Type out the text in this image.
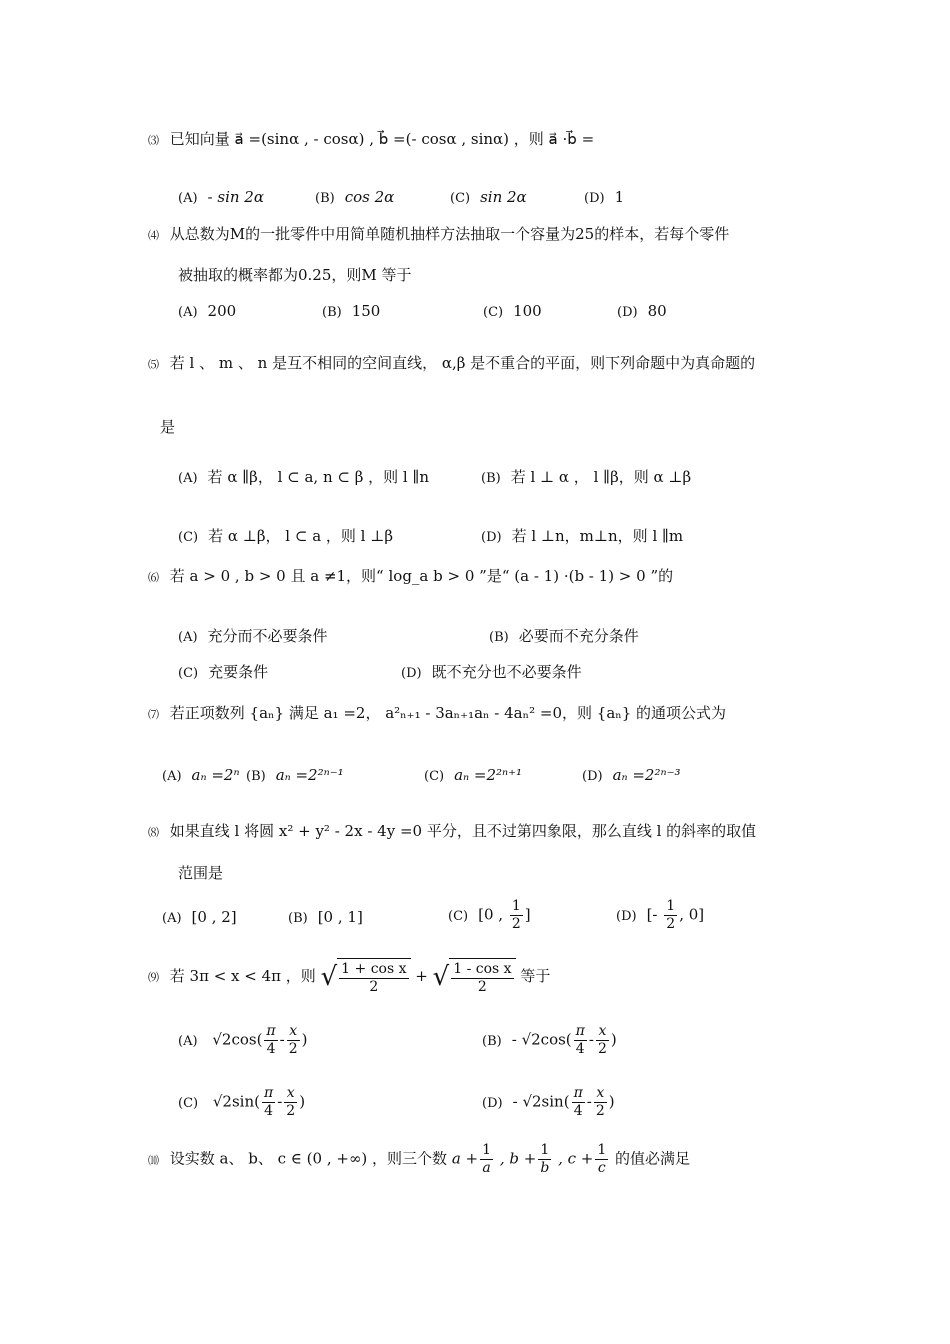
⑶ 已知向量 a⃗ =(sinα , - cosα) , b⃗ =(- cosα , sinα) ，则 a⃗ ·b⃗ =
(A) - sin 2α	(B) cos 2α	(C) sin 2α	(D) 1
⑷ 从总数为M的一批零件中用简单随机抽样方法抽取一个容量为25的样本，若每个零件
被抽取的概率都为0.25，则M 等于
(A) 200	(B) 150	(C) 100	(D) 80
⑸ 若 l 、 m 、 n 是互不相同的空间直线， α,β 是不重合的平面，则下列命题中为真命题的
是
(A) 若 α ∥β， l ⊂ a, n ⊂ β ，则 l ∥n	(B) 若 l ⊥ α ， l ∥β，则 α ⊥β
(C) 若 α ⊥β， l ⊂ a ，则 l ⊥β	(D) 若 l ⊥n，m⊥n，则 l ∥m
⑹ 若 a > 0 , b > 0 且 a ≠1，则“ log_a b > 0 ”是“ (a - 1) ·(b - 1) > 0 ”的
(A) 充分而不必要条件	(B) 必要而不充分条件
(C) 充要条件	(D) 既不充分也不必要条件
⑺ 若正项数列 {aₙ} 满足 a₁ =2， a²ₙ₊₁ - 3aₙ₊₁aₙ - 4aₙ² =0，则 {aₙ} 的通项公式为
(A) aₙ =2ⁿ (B) aₙ =2²ⁿ⁻¹	(C) aₙ =2²ⁿ⁺¹	(D) aₙ =2²ⁿ⁻³
⑻ 如果直线 l 将圆 x² + y² - 2x - 4y =0 平分，且不过第四象限，那么直线 l 的斜率的取值
范围是
(A) [0 , 2]	(B) [0 , 1]	(C) [0 , $\frac{1}{2}$ ]	(D) [- $\frac{1}{2}$ , 0]
⑼ 若 3π < x < 4π ，则 √ $\frac{\text{1 + cos x}}{2}$ + √ $\frac{\text{1 - cos x}}{2}$ 等于
(A) $√2\cos( \frac{\pi}{4} - \frac{x}{2}$ )	$(B) - √2\cos( \frac{\pi}{4} - \frac{x}{2}$ )
(C) $√2\sin( \frac{\pi}{4} - \frac{x}{2}$ )	$(D) - √2\sin( \frac{\pi}{4} - \frac{x}{2}$ )
⑽ 设实数 a、 b、 c ∈ (0 , +∞) ，则三个数 $a + \frac{1}{a}$ , $b + \frac{1}{b}$ , $c + \frac{1}{c}$ 的值必满足
